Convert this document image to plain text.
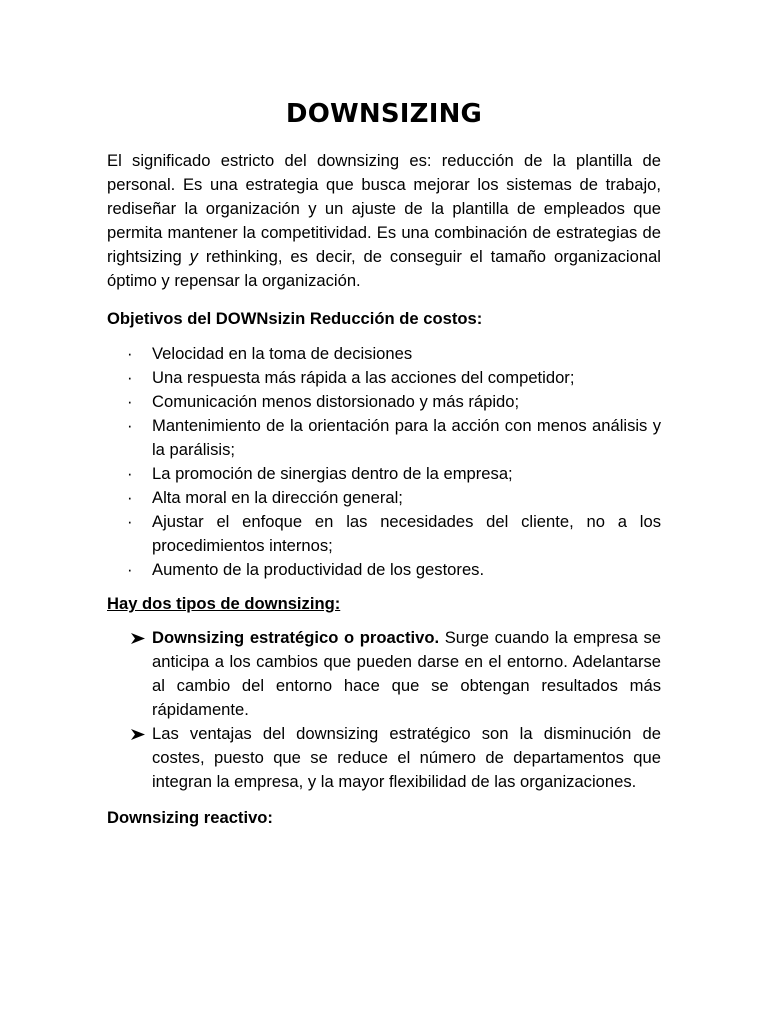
DOWNSIZING

El significado estricto del downsizing es: reducción de la plantilla de personal. Es una estrategia que busca mejorar los sistemas de trabajo, rediseñar la organización y un ajuste de la plantilla de empleados que permita mantener la competitividad. Es una combinación de estrategias de rightsizing y rethinking, es decir, de conseguir el tamaño organizacional óptimo y repensar la organización.

Objetivos del DOWNsizin Reducción de costos:

· Velocidad en la toma de decisiones
· Una respuesta más rápida a las acciones del competidor;
· Comunicación menos distorsionado y más rápido;
· Mantenimiento de la orientación para la acción con menos análisis y la parálisis;
· La promoción de sinergias dentro de la empresa;
· Alta moral en la dirección general;
· Ajustar el enfoque en las necesidades del cliente, no a los procedimientos internos;
· Aumento de la productividad de los gestores.

Hay dos tipos de downsizing:

Downsizing estratégico o proactivo. Surge cuando la empresa se anticipa a los cambios que pueden darse en el entorno. Adelantarse al cambio del entorno hace que se obtengan resultados más rápidamente.
Las ventajas del downsizing estratégico son la disminución de costes, puesto que se reduce el número de departamentos que integran la empresa, y la mayor flexibilidad de las organizaciones.

Downsizing reactivo:
